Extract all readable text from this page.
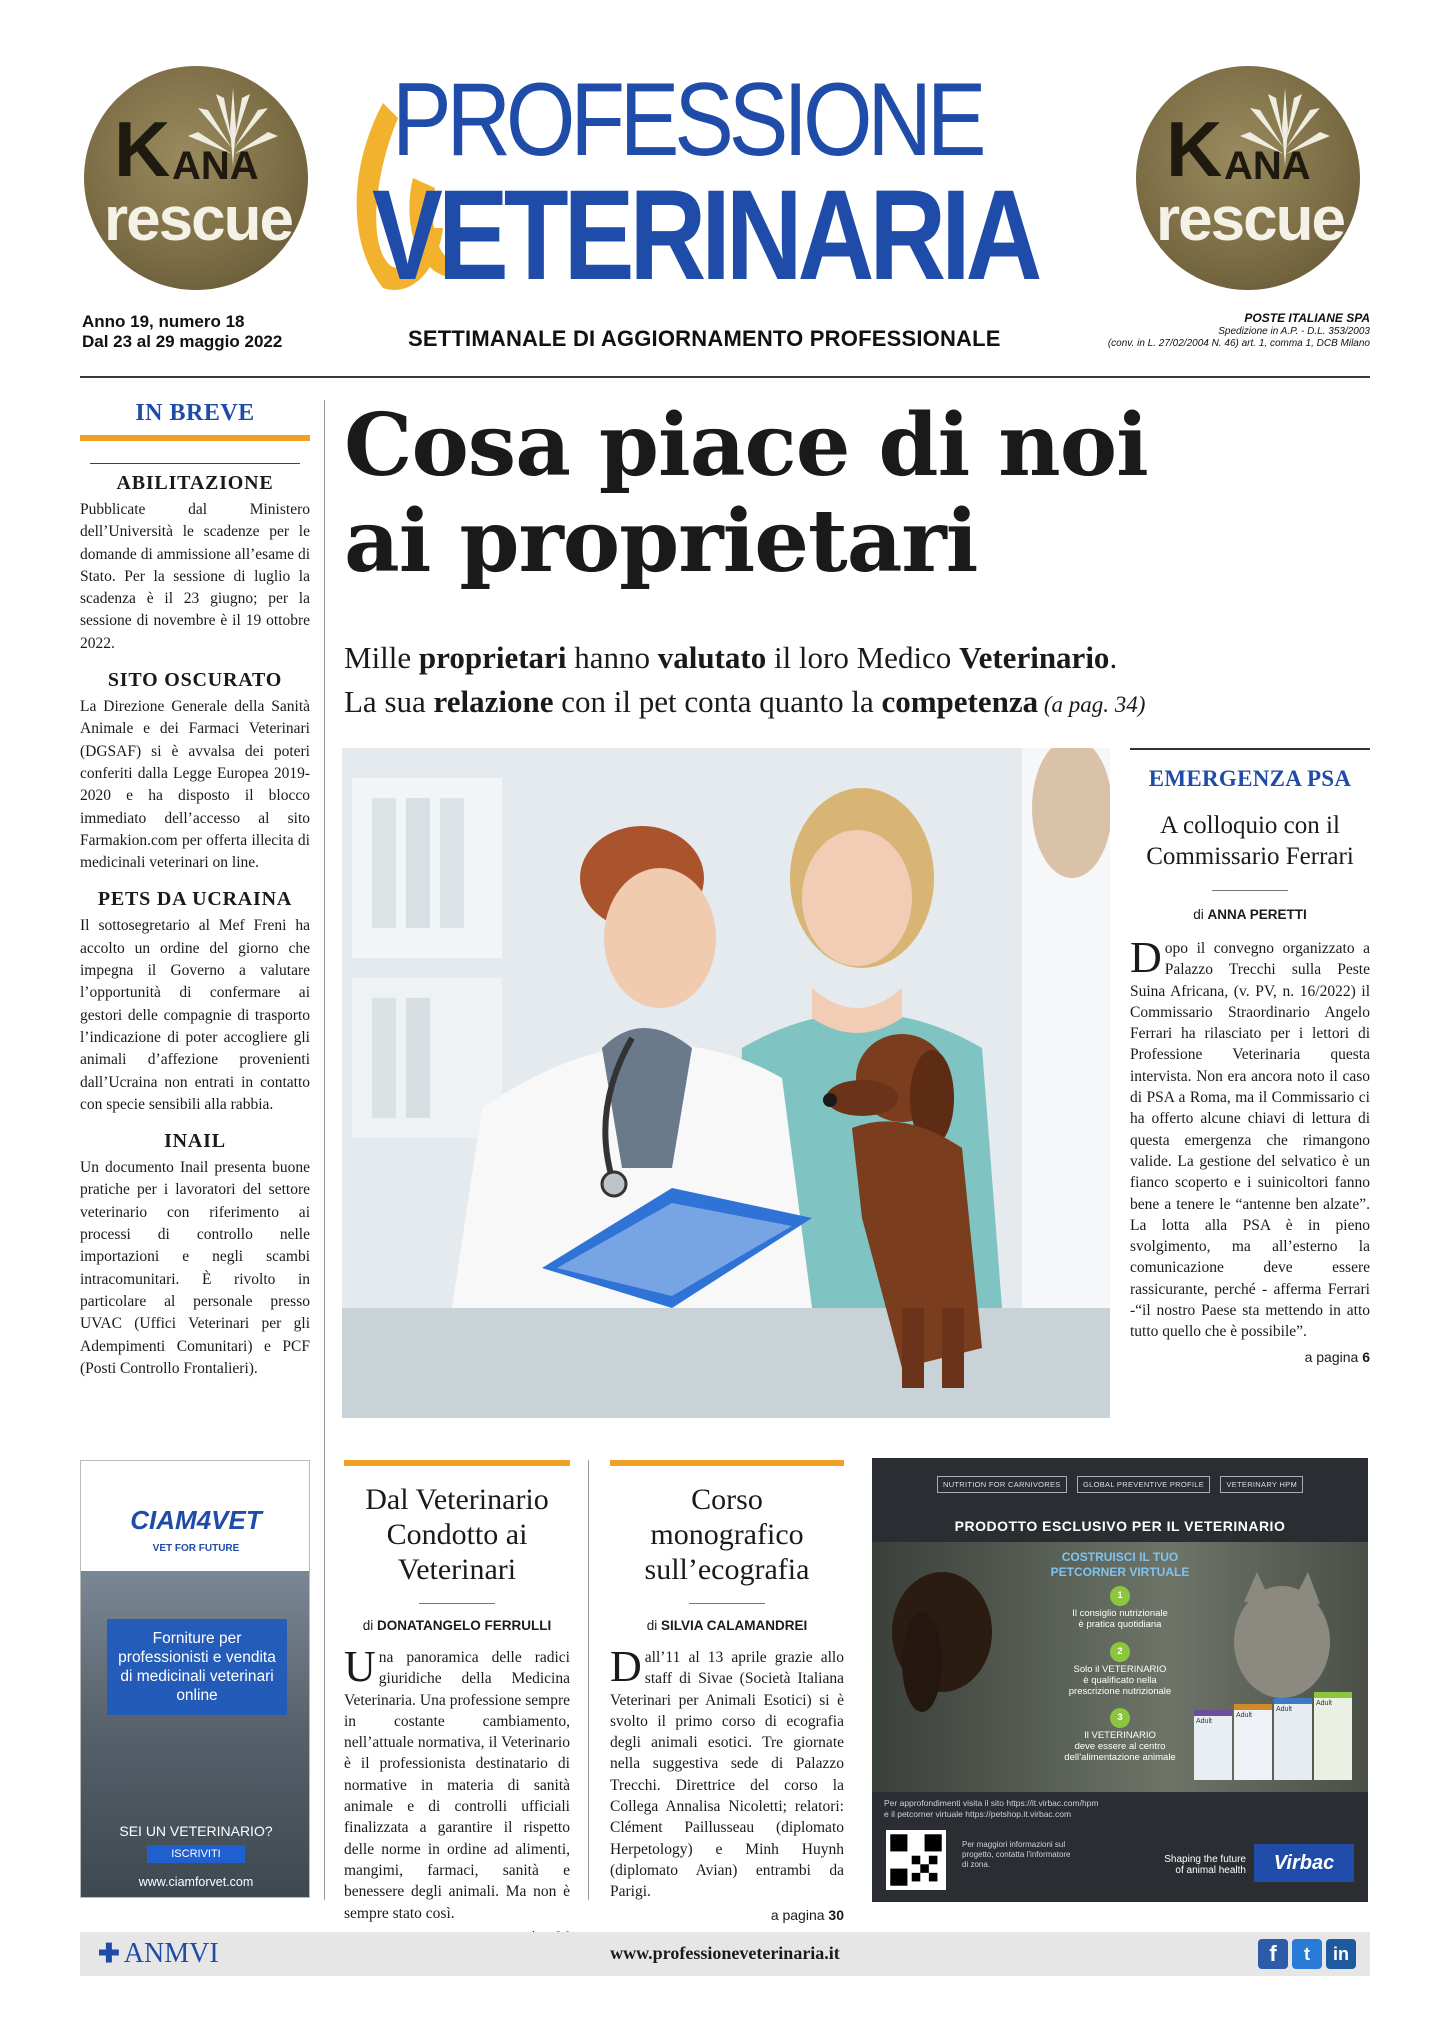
K ANA
rescue
K ANA
rescue
PROFESSIONE
VETERINARIA
Anno 19, numero 18
Dal 23 al 29 maggio 2022	SETTIMANALE DI AGGIORNAMENTO PROFESSIONALE
POSTE ITALIANE SPA
Spedizione in A.P. - D.L. 353/2003
(conv. in L. 27/02/2004 N. 46) art. 1, comma 1, DCB Milano
IN BREVE
ABILITAZIONE
Pubblicate dal Ministero dell’Università le scadenze per le domande di ammissione all’esame di Stato. Per la sessione di luglio la scadenza è il 23 giugno; per la sessione di novembre è il 19 ottobre 2022.
SITO OSCURATO
La Direzione Generale della Sanità Animale e dei Farmaci Veterinari (DGSAF) si è avvalsa dei poteri conferiti dalla Legge Europea 2019-2020 e ha disposto il blocco immediato dell’accesso al sito Farmakion.com per offerta illecita di medicinali veterinari on line.
PETS DA UCRAINA
Il sottosegretario al Mef Freni ha accolto un ordine del giorno che impegna il Governo a valutare l’opportunità di confermare ai gestori delle compagnie di trasporto l’indicazione di poter accogliere gli animali d’affezione provenienti dall’Ucraina non entrati in contatto con specie sensibili alla rabbia.
INAIL
Un documento Inail presenta buone pratiche per i lavoratori del settore veterinario con riferimento ai processi di controllo nelle importazioni e negli scambi intracomunitari. È rivolto in particolare al personale presso UVAC (Uffici Veterinari per gli Adempimenti Comunitari) e PCF (Posti Controllo Frontalieri).
Cosa piace di noi
ai proprietari
Mille proprietari hanno valutato il loro Medico Veterinario.
La sua relazione con il pet conta quanto la competenza (a pag. 34)
EMERGENZA PSA
A colloquio con il Commissario Ferrari
di ANNA PERETTI
Dopo il convegno organizzato a Palazzo Trecchi sulla Peste Suina Africana, (v. PV, n. 16/2022) il Commissario Straordinario Angelo Ferrari ha rilasciato per i lettori di Professione Veterinaria questa intervista. Non era ancora noto il caso di PSA a Roma, ma il Commissario ci ha offerto alcune chiavi di lettura di questa emergenza che rimangono valide. La gestione del selvatico è un fianco scoperto e i suinicoltori fanno bene a tenere le “antenne ben alzate”. La lotta alla PSA è in pieno svolgimento, ma all’esterno la comunicazione deve essere rassicurante, perché - afferma Ferrari -“il nostro Paese sta mettendo in atto tutto quello che è possibile”.
a pagina 6
CIAM4VET
VET FOR FUTURE
Forniture per professionisti e vendita di medicinali veterinari online
SEI UN VETERINARIO?
ISCRIVITI
www.ciamforvet.com
Dal Veterinario Condotto ai Veterinari
di DONATANGELO FERRULLI
Una panoramica delle radici giuridiche della Medicina Veterinaria. Una professione sempre in costante cambiamento, nell’attuale normativa, il Veterinario è il professionista destinatario di normative in materia di sanità animale e di controlli ufficiali finalizzata a garantire il rispetto delle norme in ordine ad alimenti, mangimi, farmaci, sanità e benessere degli animali. Ma non è sempre stato così.
Corso monografico sull’ecografia
di SILVIA CALAMANDREI
Dall’11 al 13 aprile grazie allo staff di Sivae (Società Italiana Veterinari per Animali Esotici) si è svolto il primo corso di ecografia degli animali esotici. Tre giornate nella suggestiva sede di Palazzo Trecchi. Direttrice del corso la Collega Annalisa Nicoletti; relatori: Clément Paillusseau (diplomato Herpetology) e Minh Huynh (diplomato Avian) entrambi da Parigi.
a pagina 30
NUTRITION FOR CARNIVORES	GLOBAL PREVENTIVE PROFILE	VETERINARY HPM
PRODOTTO ESCLUSIVO PER IL VETERINARIO
COSTRUISCI IL TUO
PETCORNER VIRTUALE
1
Il consiglio nutrizionale
è pratica quotidiana
2
Solo il VETERINARIO
è qualificato nella
prescrizione nutrizionale
3
Il VETERINARIO
deve essere al centro
dell’alimentazione animale
Adult
Adult
Adult
Adult
Per approfondimenti visita il sito https://it.virbac.com/hpm
e il petcorner virtuale https://petshop.it.virbac.com
Per maggiori informazioni sul progetto, contatta l’informatore di zona.	Shaping the future
of animal health	Virbac
✚ ANMVI	www.professioneveterinaria.it	f	t	in
